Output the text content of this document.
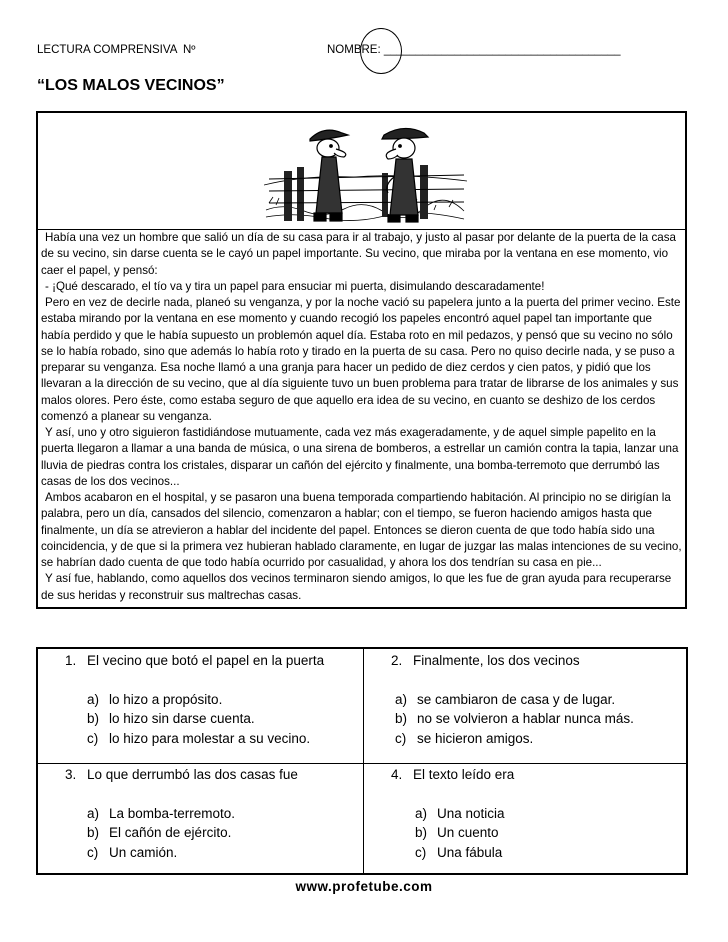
LECTURA COMPRENSIVA Nº	NOMBRE: _____________________________________
“LOS MALOS VECINOS”

Había una vez un hombre que salió un día de su casa para ir al trabajo, y justo al pasar por delante de la puerta de la casa de su vecino, sin darse cuenta se le cayó un papel importante. Su vecino, que miraba por la ventana en ese momento, vio caer el papel, y pensó:

- ¡Qué descarado, el tío va y tira un papel para ensuciar mi puerta, disimulando descaradamente!

Pero en vez de decirle nada, planeó su venganza, y por la noche vació su papelera junto a la puerta del primer vecino. Este estaba mirando por la ventana en ese momento y cuando recogió los papeles encontró aquel papel tan importante que había perdido y que le había supuesto un problemón aquel día. Estaba roto en mil pedazos, y pensó que su vecino no sólo se lo había robado, sino que además lo había roto y tirado en la puerta de su casa. Pero no quiso decirle nada, y se puso a preparar su venganza. Esa noche llamó a una granja para hacer un pedido de diez cerdos y cien patos, y pidió que los llevaran a la dirección de su vecino, que al día siguiente tuvo un buen problema para tratar de librarse de los animales y sus malos olores. Pero éste, como estaba seguro de que aquello era idea de su vecino, en cuanto se deshizo de los cerdos comenzó a planear su venganza.

Y así, uno y otro siguieron fastidiándose mutuamente, cada vez más exageradamente, y de aquel simple papelito en la puerta llegaron a llamar a una banda de música, o una sirena de bomberos, a estrellar un camión contra la tapia, lanzar una lluvia de piedras contra los cristales, disparar un cañón del ejército y finalmente, una bomba-terremoto que derrumbó las casas de los dos vecinos...

Ambos acabaron en el hospital, y se pasaron una buena temporada compartiendo habitación. Al principio no se dirigían la palabra, pero un día, cansados del silencio, comenzaron a hablar; con el tiempo, se fueron haciendo amigos hasta que finalmente, un día se atrevieron a hablar del incidente del papel. Entonces se dieron cuenta de que todo había sido una coincidencia, y de que si la primera vez hubieran hablado claramente, en lugar de juzgar las malas intenciones de su vecino, se habrían dado cuenta de que todo había ocurrido por casualidad, y ahora los dos tendrían su casa en pie...

Y así fue, hablando, como aquellos dos vecinos terminaron siendo amigos, lo que les fue de gran ayuda para recuperarse de sus heridas y reconstruir sus maltrechas casas.

1. El vecino que botó el papel en la puerta
a) lo hizo a propósito.
b) lo hizo sin darse cuenta.
c) lo hizo para molestar a su vecino.
2. Finalmente, los dos vecinos
a) se cambiaron de casa y de lugar.
b) no se volvieron a hablar nunca más.
c) se hicieron amigos.
3. Lo que derrumbó las dos casas fue
a) La bomba-terremoto.
b) El cañón de ejército.
c) Un camión.
4. El texto leído era
a) Una noticia
b) Un cuento
c) Una fábula
www.profetube.com
